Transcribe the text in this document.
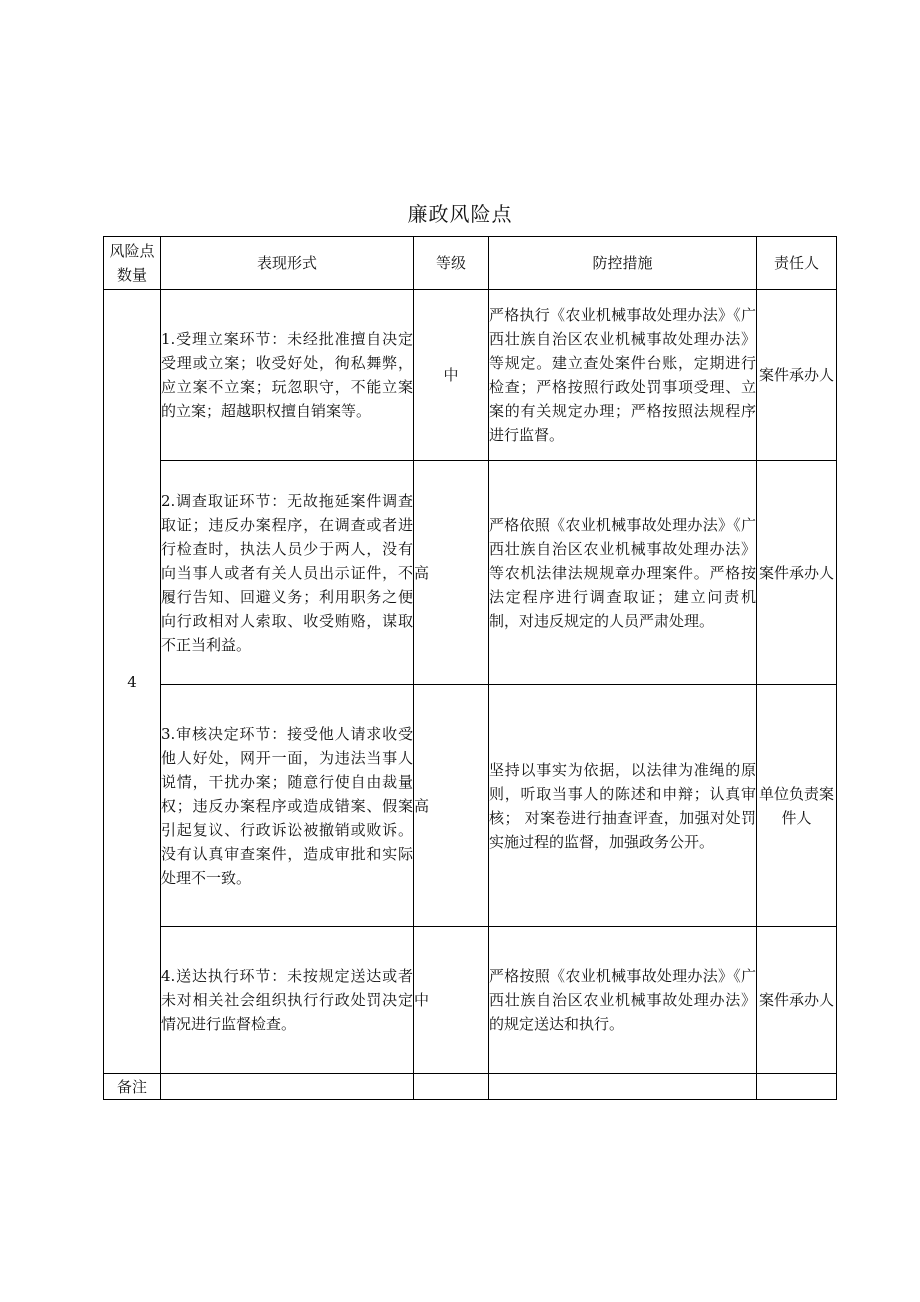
廉政风险点
风险点数量	表现形式	等级	防控措施	责任人
4	1.受理立案环节：未经批准擅自决定受理或立案；收受好处，徇私舞弊，应立案不立案；玩忽职守，不能立案的立案；超越职权擅自销案等。	中	严格执行《农业机械事故处理办法》《广西壮族自治区农业机械事故处理办法》等规定。建立查处案件台账，定期进行检查；严格按照行政处罚事项受理、立案的有关规定办理；严格按照法规程序进行监督。	案件承办人
	2.调查取证环节：无故拖延案件调查取证；违反办案程序，在调查或者进行检查时，执法人员少于两人，没有向当事人或者有关人员出示证件，不履行告知、回避义务；利用职务之便向行政相对人索取、收受贿赂，谋取不正当利益。	高	严格依照《农业机械事故处理办法》《广西壮族自治区农业机械事故处理办法》等农机法律法规规章办理案件。严格按法定程序进行调查取证；建立问责机制，对违反规定的人员严肃处理。	案件承办人
	3.审核决定环节：接受他人请求收受他人好处，网开一面，为违法当事人说情，干扰办案；随意行使自由裁量权；违反办案程序或造成错案、假案引起复议、行政诉讼被撤销或败诉。没有认真审查案件，造成审批和实际处理不一致。	高	坚持以事实为依据，以法律为准绳的原则，听取当事人的陈述和申辩；认真审核； 对案卷进行抽查评查，加强对处罚实施过程的监督，加强政务公开。	单位负责案件人
	4.送达执行环节：未按规定送达或者未对相关社会组织执行行政处罚决定情况进行监督检查。	中	严格按照《农业机械事故处理办法》《广西壮族自治区农业机械事故处理办法》的规定送达和执行。	案件承办人
备注				
